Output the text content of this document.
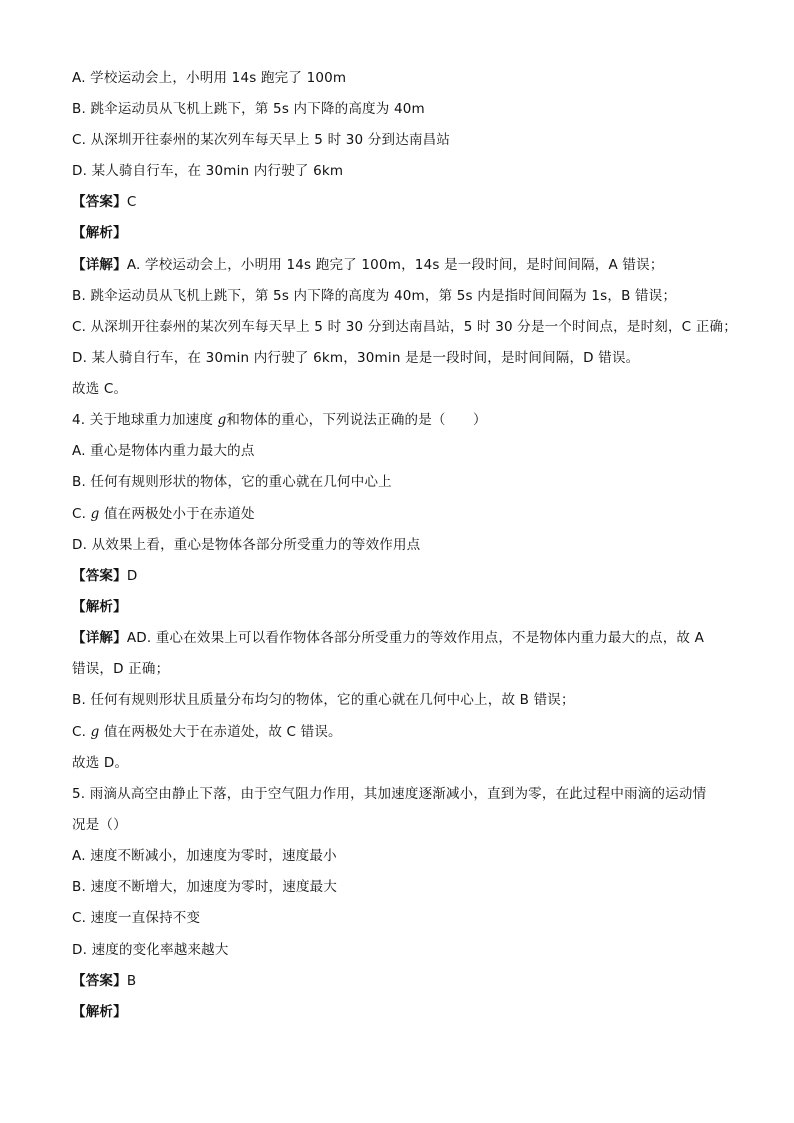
A. 学校运动会上，小明用 14s 跑完了 100m
B. 跳伞运动员从飞机上跳下，第 5s 内下降的高度为 40m
C. 从深圳开往泰州的某次列车每天早上 5 时 30 分到达南昌站
D. 某人骑自行车，在 30min 内行驶了 6km
【答案】C
【解析】
【详解】A. 学校运动会上，小明用 14s 跑完了 100m，14s 是一段时间，是时间间隔，A 错误；
B. 跳伞运动员从飞机上跳下，第 5s 内下降的高度为 40m，第 5s 内是指时间间隔为 1s，B 错误；
C. 从深圳开往泰州的某次列车每天早上 5 时 30 分到达南昌站，5 时 30 分是一个时间点，是时刻，C 正确；
D. 某人骑自行车，在 30min 内行驶了 6km，30min 是是一段时间，是时间间隔，D 错误。
故选 C。
4. 关于地球重力加速度 g和物体的重心，下列说法正确的是（　　）
A. 重心是物体内重力最大的点
B. 任何有规则形状的物体，它的重心就在几何中心上
C. g 值在两极处小于在赤道处
D. 从效果上看，重心是物体各部分所受重力的等效作用点
【答案】D
【解析】
【详解】AD. 重心在效果上可以看作物体各部分所受重力的等效作用点，不是物体内重力最大的点，故 A
错误，D 正确；
B. 任何有规则形状且质量分布均匀的物体，它的重心就在几何中心上，故 B 错误；
C. g 值在两极处大于在赤道处，故 C 错误。
故选 D。
5. 雨滴从高空由静止下落，由于空气阻力作用，其加速度逐渐减小，直到为零，在此过程中雨滴的运动情
况是（）
A. 速度不断减小，加速度为零时，速度最小
B. 速度不断增大，加速度为零时，速度最大
C. 速度一直保持不变
D. 速度的变化率越来越大
【答案】B
【解析】
